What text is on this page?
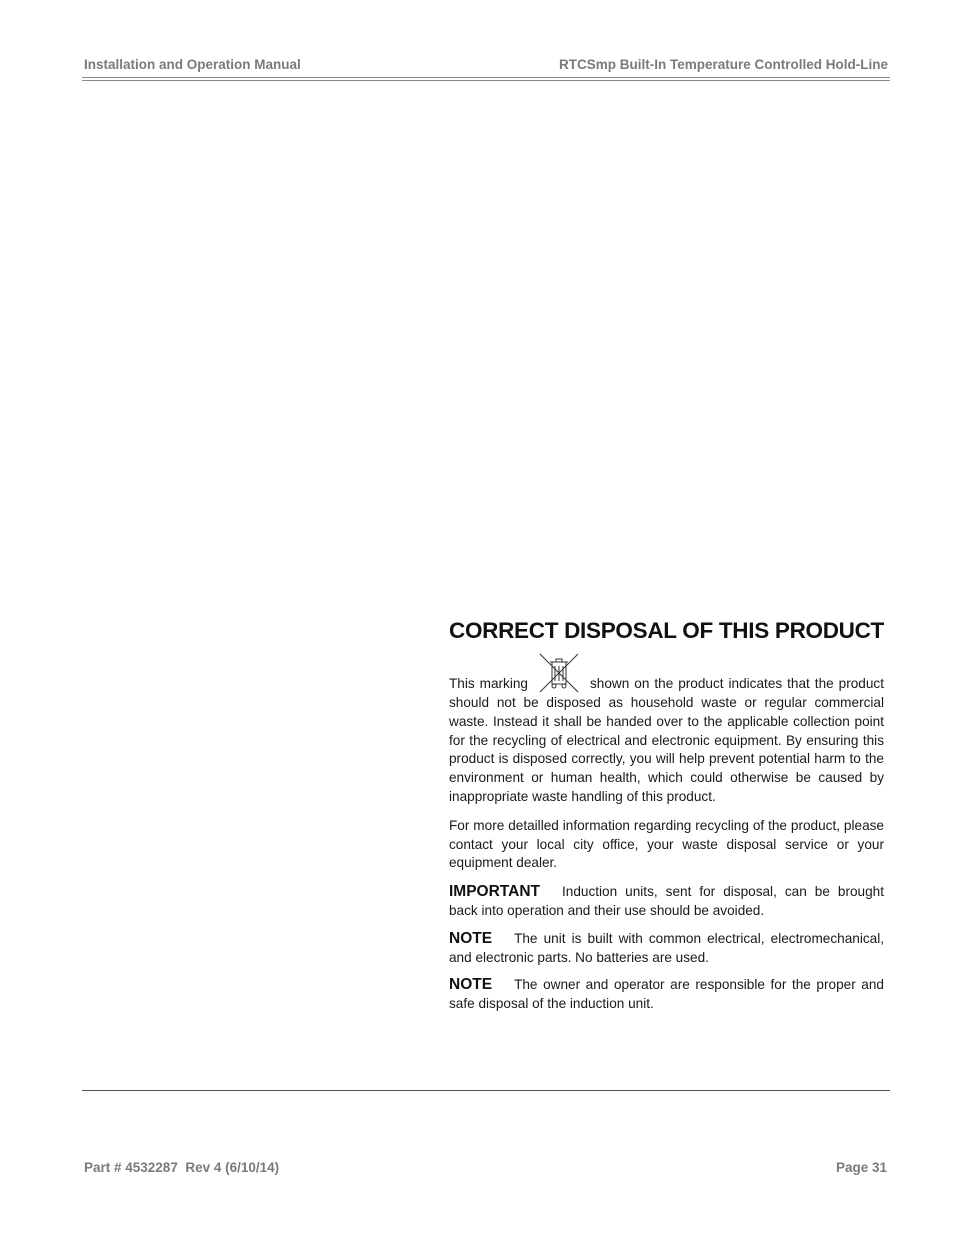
Installation and Operation Manual	RTCSmp Built-In Temperature Controlled Hold-Line
CORRECT DISPOSAL OF THIS PRODUCT

This marking	shown on the product indicates that the product should not be disposed as household waste or regular commercial waste. Instead it shall be handed over to the applicable collection point for the recycling of electrical and electronic equipment. By ensuring this product is disposed correctly, you will help prevent potential harm to the environment or human health, which could otherwise be caused by inappropriate waste handling of this product.

For more detailled information regarding recycling of the product, please contact your local city office, your waste disposal service or your equipment dealer.

IMPORTANT Induction units, sent for disposal, can be brought back into operation and their use should be avoided.

NOTE The unit is built with common electrical, electromechanical, and electronic parts. No batteries are used.

NOTE The owner and operator are responsible for the proper and safe disposal of the induction unit.

Part # 4532287  Rev 4 (6/10/14)	Page 31
